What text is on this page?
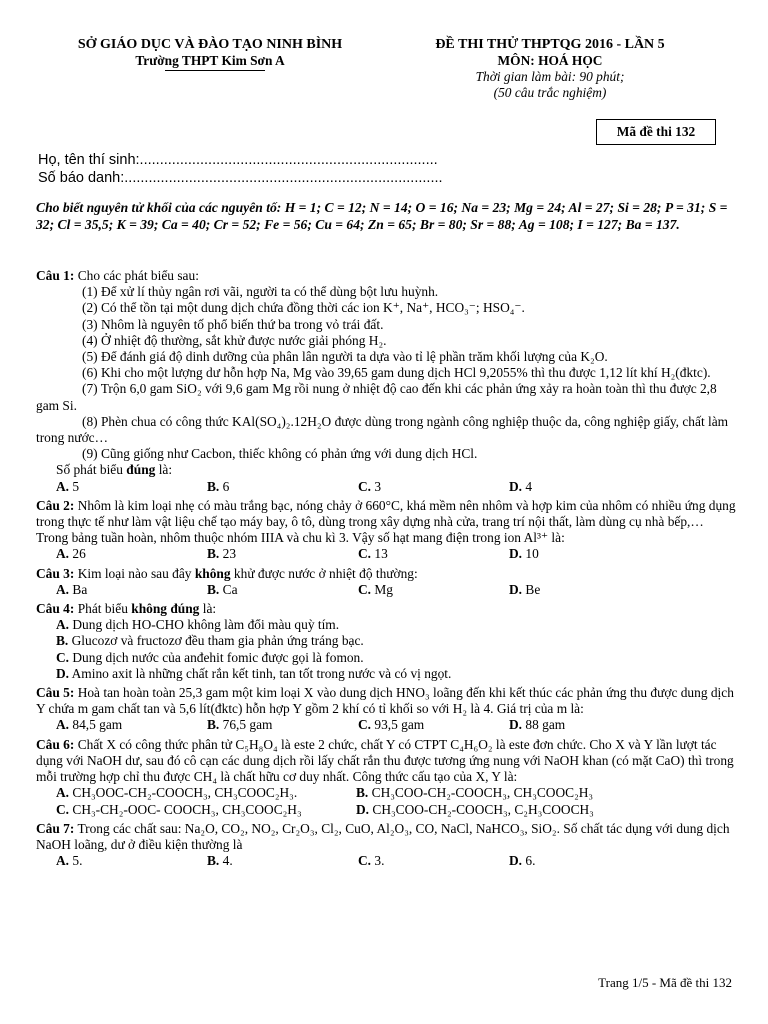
SỞ GIÁO DỤC VÀ ĐÀO TẠO NINH BÌNH
Trường THPT Kim Sơn A
ĐỀ THI THỬ THPTQG 2016 - LẦN 5
MÔN: HOÁ HỌC
Thời gian làm bài: 90 phút;
(50 câu trắc nghiệm)
Mã đề thi 132
Họ, tên thí sinh:..........................................................................
Số báo danh:...............................................................................
Cho biết nguyên tử khối của các nguyên tố: H = 1; C = 12; N = 14; O = 16; Na = 23; Mg = 24; Al = 27; Si = 28; P = 31; S = 32; Cl = 35,5; K = 39; Ca = 40; Cr = 52; Fe = 56; Cu = 64; Zn = 65; Br = 80; Sr = 88; Ag = 108; I = 127; Ba = 137.

Câu 1: Cho các phát biểu sau:

(1) Để xử lí thủy ngân rơi vãi, người ta có thể dùng bột lưu huỳnh.

(2) Có thể tồn tại một dung dịch chứa đồng thời các ion K⁺, Na⁺, HCO₃⁻; HSO₄⁻.

(3) Nhôm là nguyên tố phổ biến thứ ba trong vỏ trái đất.

(4) Ở nhiệt độ thường, sắt khử được nước giải phóng H₂.

(5) Để đánh giá độ dinh dưỡng của phân lân người ta dựa vào tỉ lệ phần trăm khối lượng của K₂O.

(6) Khi cho một lượng dư hỗn hợp Na, Mg vào 39,65 gam dung dịch HCl 9,2055% thì thu được 1,12 lít khí H₂(đktc).

(7) Trộn 6,0 gam SiO₂ với 9,6 gam Mg rồi nung ở nhiệt độ cao đến khi các phản ứng xảy ra hoàn toàn thì thu được 2,8 gam Si.

(8) Phèn chua có công thức KAl(SO₄)₂.12H₂O được dùng trong ngành công nghiệp thuộc da, công nghiệp giấy, chất làm trong nước…

(9) Cũng giống như Cacbon, thiếc không có phản ứng với dung dịch HCl.

Số phát biểu đúng là:

A. 5	B. 6	C. 3	D. 4

Câu 2: Nhôm là kim loại nhẹ có màu trắng bạc, nóng chảy ở 660°C, khá mềm nên nhôm và hợp kim của nhôm có nhiều ứng dụng trong thực tế như làm vật liệu chế tạo máy bay, ô tô, dùng trong xây dựng nhà cửa, trang trí nội thất, làm dùng cụ nhà bếp,… Trong bảng tuần hoàn, nhôm thuộc nhóm IIIA và chu kì 3. Vậy số hạt mang điện trong ion Al³⁺ là:

A. 26	B. 23	C. 13	D. 10

Câu 3: Kim loại nào sau đây không khử được nước ở nhiệt độ thường:

A. Ba	B. Ca	C. Mg	D. Be

Câu 4: Phát biểu không đúng là:

A. Dung dịch HO-CHO không làm đổi màu quỳ tím.
B. Glucozơ và fructozơ đều tham gia phản ứng tráng bạc.
C. Dung dịch nước của anđehit fomic được gọi là fomon.
D. Amino axit là những chất rắn kết tinh, tan tốt trong nước và có vị ngọt.

Câu 5: Hoà tan hoàn toàn 25,3 gam một kim loại X vào dung dịch HNO₃ loãng đến khi kết thúc các phản ứng thu được dung dịch Y chứa m gam chất tan và 5,6 lít(đktc) hỗn hợp Y gồm 2 khí có tỉ khối so với H₂ là 4. Giá trị của m là:

A. 84,5 gam	B. 76,5 gam	C. 93,5 gam	D. 88 gam

Câu 6: Chất X có công thức phân tử C₅H₈O₄ là este 2 chức, chất Y có CTPT C₄H₆O₂ là este đơn chức. Cho X và Y lần lượt tác dụng với NaOH dư, sau đó cô cạn các dung dịch rồi lấy chất rắn thu được tương ứng nung với NaOH khan (có mặt CaO) thì trong mỗi trường hợp chỉ thu được CH₄ là chất hữu cơ duy nhất. Công thức cấu tạo của X, Y là:

A. CH₃OOC-CH₂-COOCH₃, CH₃COOC₂H₃.	B. CH₃COO-CH₂-COOCH₃, CH₃COOC₂H₃
C. CH₃-CH₂-OOC- COOCH₃, CH₃COOC₂H₃	D. CH₃COO-CH₂-COOCH₃, C₂H₃COOCH₃

Câu 7: Trong các chất sau: Na₂O, CO₂, NO₂, Cr₂O₃, Cl₂, CuO, Al₂O₃, CO, NaCl, NaHCO₃, SiO₂. Số chất tác dụng với dung dịch NaOH loãng, dư ở điều kiện thường là

A. 5.	B. 4.	C. 3.	D. 6.
Trang 1/5 - Mã đề thi 132
